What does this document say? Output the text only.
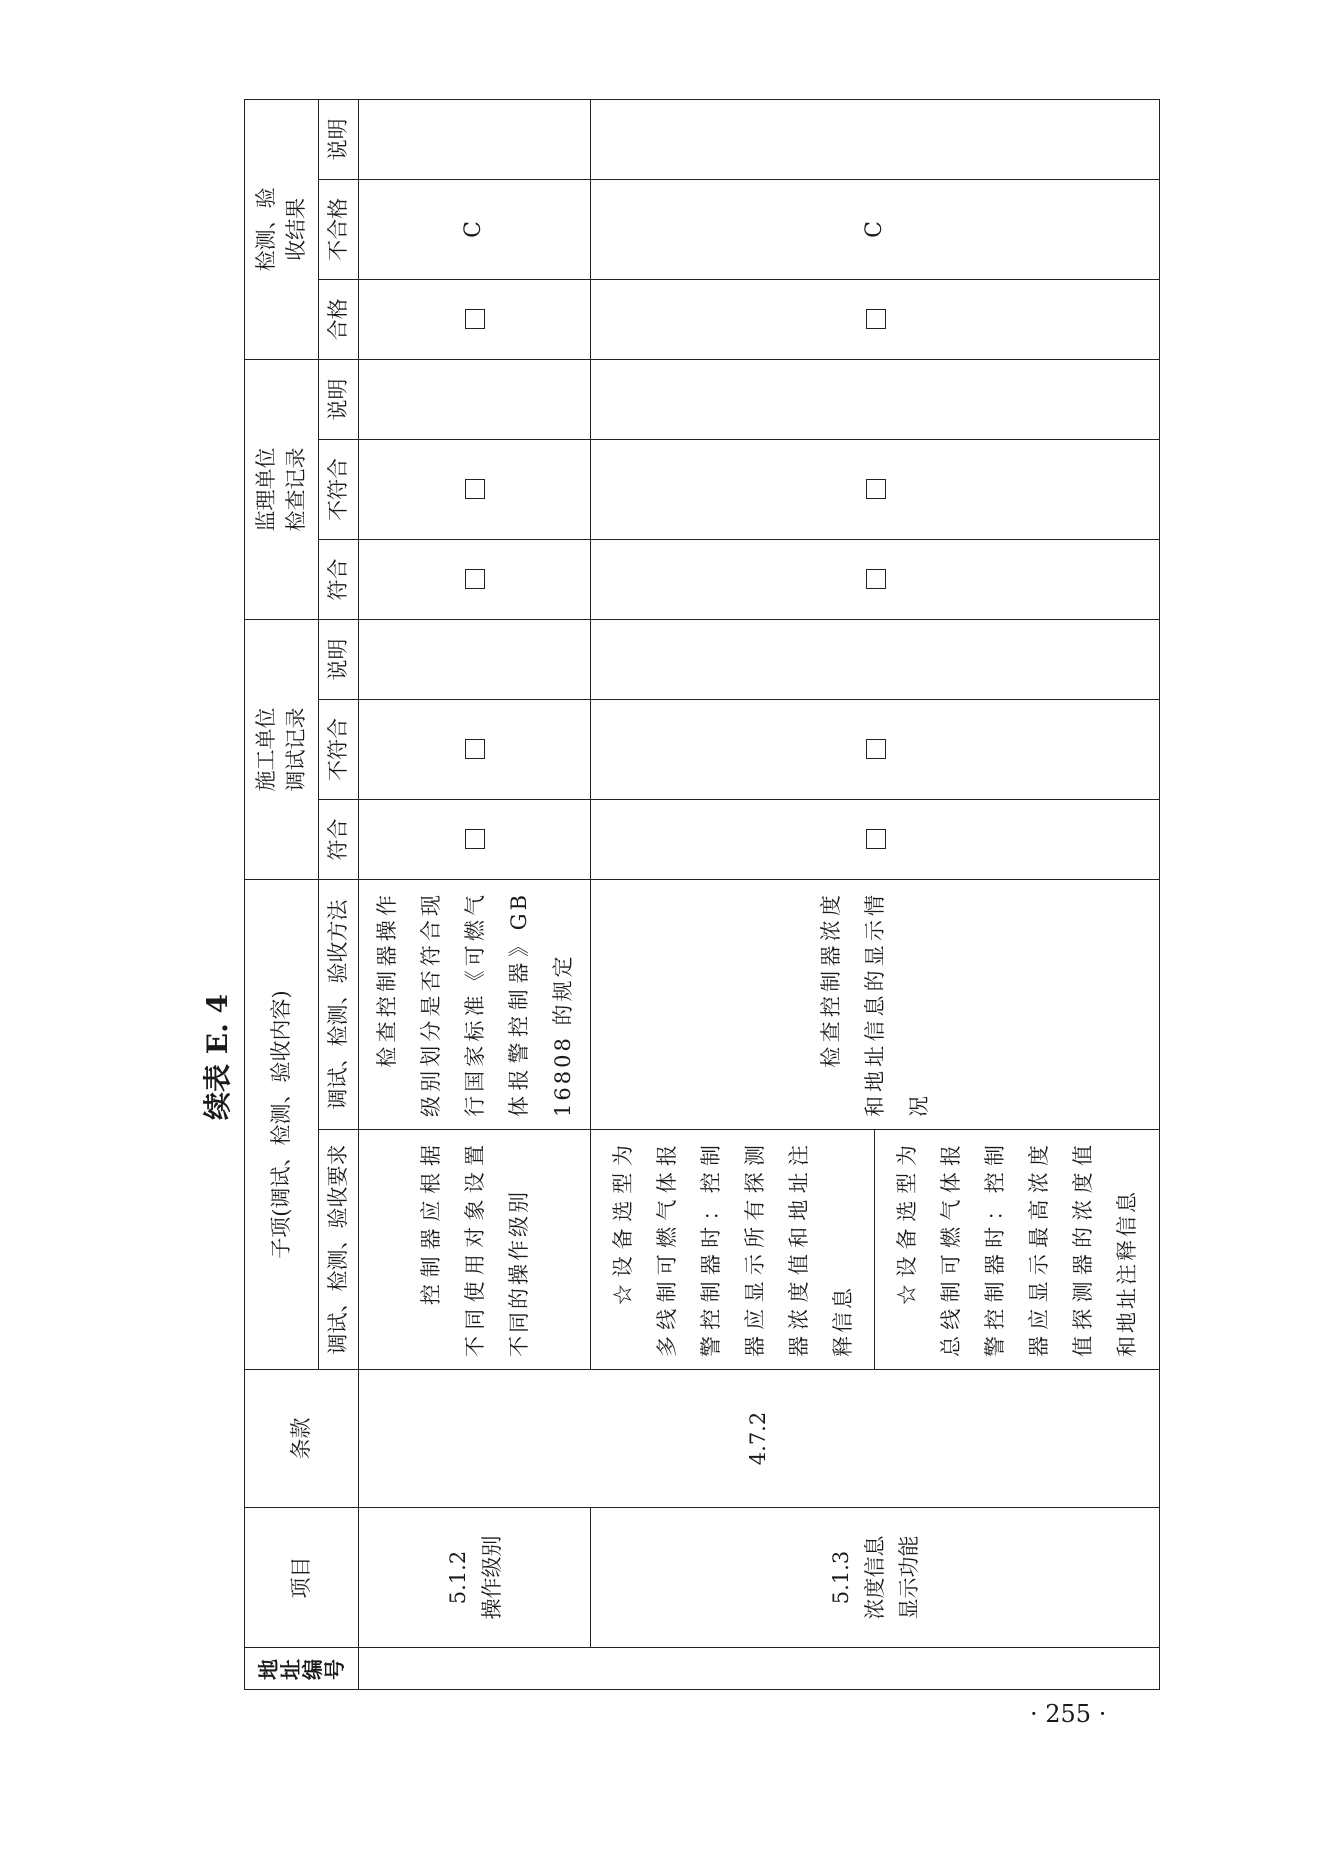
续表 E. 4
地址编号	项目	条款	子项(调试、检测、验收内容)		施工单位调试记录			监理单位检查记录			检测、验收结果		
			调试、检测、验收要求	调试、检测、验收方法	符合	不符合	说明	符合	不符合	说明	合格	不合格	说明

	5.1.2 操作级别	4.7.2	控制器应根据不同使用对象设置不同的操作级别	检查控制器操作级别划分是否符合现行国家标准《可燃气体报警控制器》GB 16808 的规定								C	

	5.1.3 浓度信息显示功能		☆设备选型为多线制可燃气体报警控制器时：控制器应显示所有探测器浓度值和地址注释信息	检查控制器浓度和地址信息的显示情况								C	
			☆设备选型为总线制可燃气体报警控制器时：控制器应显示最高浓度值探测器的浓度值和地址注释信息										
· 255 ·
